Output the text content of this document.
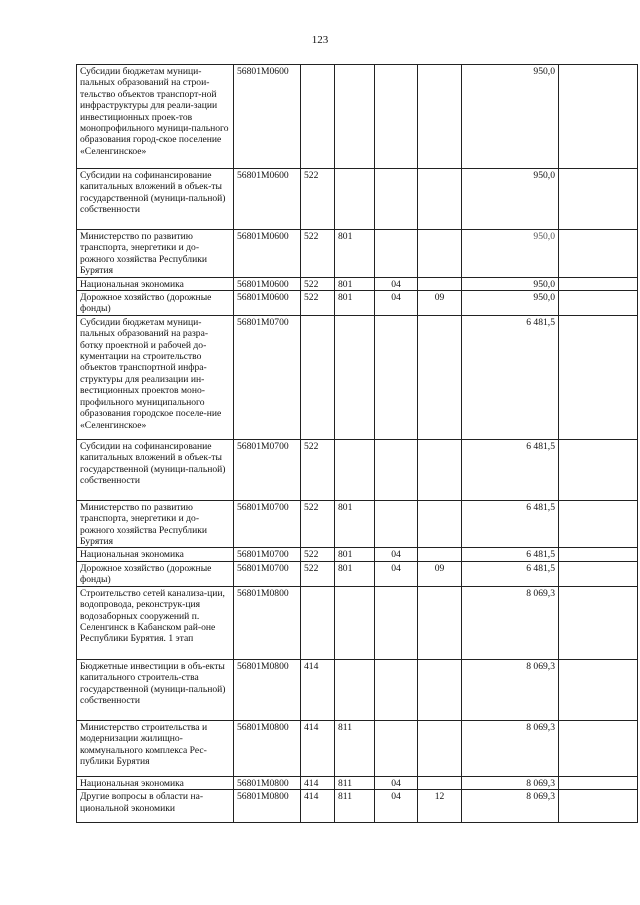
123
Субсидии бюджетам муници-пальных образований на строи-тельство объектов транспорт-ной инфраструктуры для реали-зации инвестиционных проек-тов монопрофильного муници-пального образования город-ское поселение «Селенгинское»	56801M0600					950,0	
Субсидии на софинансирование капитальных вложений в объек-ты государственной (муници-пальной) собственности	56801M0600	522				950,0	
Министерство по развитию транспорта, энергетики и до-рожного хозяйства Республики Бурятия	56801M0600	522	801			950,0	
Национальная экономика	56801M0600	522	801	04		950,0	
Дорожное хозяйство (дорожные фонды)	56801M0600	522	801	04	09	950,0	
Субсидии бюджетам муници-пальных образований на разра-ботку проектной и рабочей до-кументации на строительство объектов транспортной инфра-структуры для реализации ин-вестиционных проектов моно-профильного муниципального образования городское поселе-ние «Селенгинское»	56801M0700					6 481,5	
Субсидии на софинансирование капитальных вложений в объек-ты государственной (муници-пальной) собственности	56801M0700	522				6 481,5	
Министерство по развитию транспорта, энергетики и до-рожного хозяйства Республики Бурятия	56801M0700	522	801			6 481,5	
Национальная экономика	56801M0700	522	801	04		6 481,5	
Дорожное хозяйство (дорожные фонды)	56801M0700	522	801	04	09	6 481,5	
Строительство сетей канализа-ции, водопровода, реконструк-ция водозаборных сооружений п. Селенгинск в Кабанском рай-оне Республики Бурятия. 1 этап	56801M0800					8 069,3	
Бюджетные инвестиции в объ-екты капитального строитель-ства государственной (муници-пальной) собственности	56801M0800	414				8 069,3	
Министерство строительства и модернизации жилищно-коммунального комплекса Рес-публики Бурятия	56801M0800	414	811			8 069,3	
Национальная экономика	56801M0800	414	811	04		8 069,3	
Другие вопросы в области на-циональной экономики	56801M0800	414	811	04	12	8 069,3	
